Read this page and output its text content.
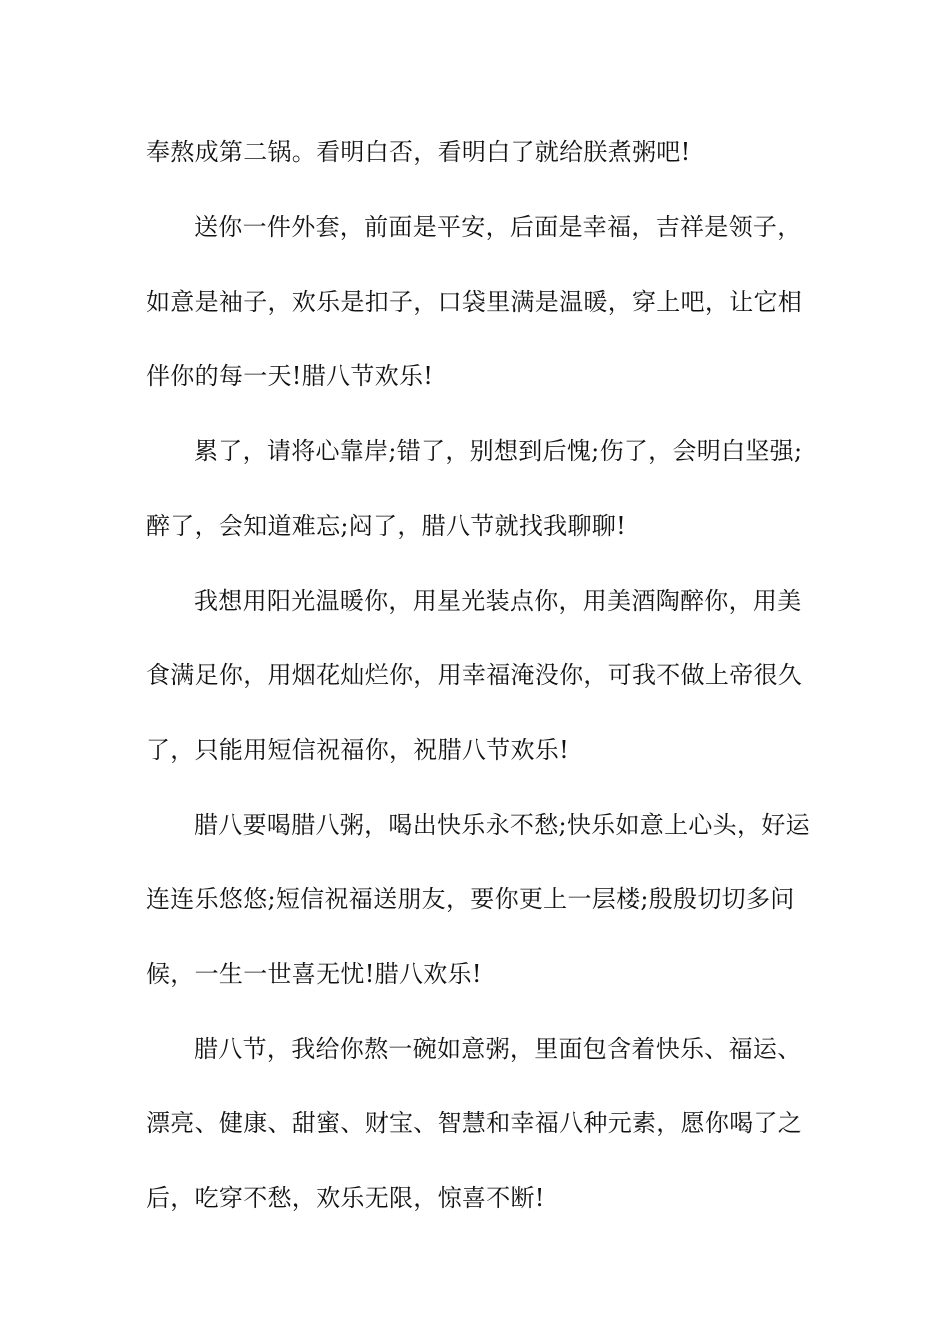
奉熬成第二锅。看明白否，看明白了就给朕煮粥吧!
送你一件外套，前面是平安，后面是幸福，吉祥是领子，
如意是袖子，欢乐是扣子，口袋里满是温暖，穿上吧，让它相
伴你的每一天!腊八节欢乐!
累了，请将心靠岸;错了，别想到后愧;伤了，会明白坚强;
醉了，会知道难忘;闷了，腊八节就找我聊聊!
我想用阳光温暖你，用星光装点你，用美酒陶醉你，用美
食满足你，用烟花灿烂你，用幸福淹没你，可我不做上帝很久
了，只能用短信祝福你，祝腊八节欢乐!
腊八要喝腊八粥，喝出快乐永不愁;快乐如意上心头，好运
连连乐悠悠;短信祝福送朋友，要你更上一层楼;殷殷切切多问
候，一生一世喜无忧!腊八欢乐!
腊八节，我给你熬一碗如意粥，里面包含着快乐、福运、
漂亮、健康、甜蜜、财宝、智慧和幸福八种元素，愿你喝了之
后，吃穿不愁，欢乐无限，惊喜不断!
